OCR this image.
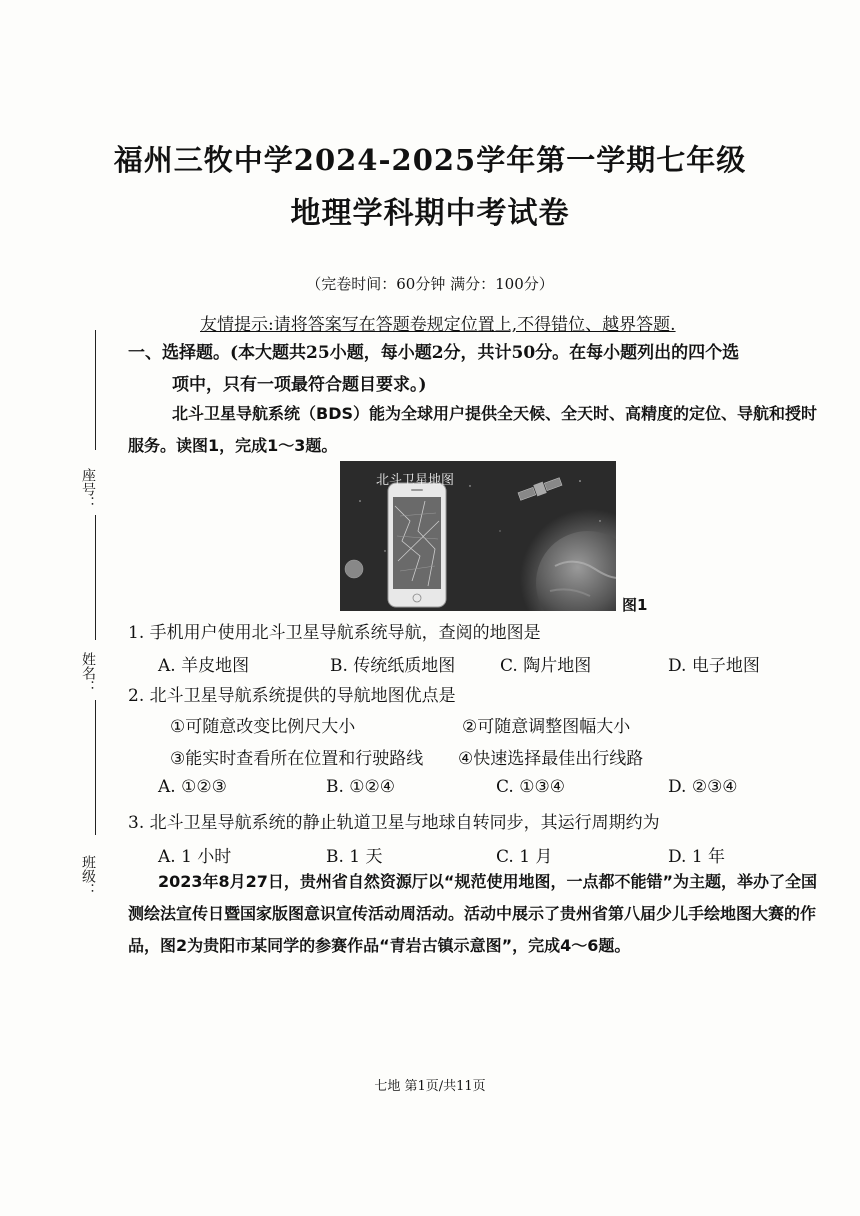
福州三牧中学2024-2025学年第一学期七年级
地理学科期中考试卷
（完卷时间：60分钟 满分：100分）
友情提示:请将答案写在答题卷规定位置上,不得错位、越界答题.
座号：
姓名：
班级：
一、选择题。(本大题共25小题，每小题2分，共计50分。在每小题列出的四个选
项中，只有一项最符合题目要求。)
北斗卫星导航系统（BDS）能为全球用户提供全天候、全天时、高精度的定位、导航和授时服务。读图1，完成1～3题。
北斗卫星地图
图1
1. 手机用户使用北斗卫星导航系统导航，查阅的地图是
A. 羊皮地图	B. 传统纸质地图	C. 陶片地图	D. 电子地图
2. 北斗卫星导航系统提供的导航地图优点是
①可随意改变比例尺大小	②可随意调整图幅大小
③能实时查看所在位置和行驶路线 ④快速选择最佳出行线路
A. ①②③	B. ①②④	C. ①③④	D. ②③④
3. 北斗卫星导航系统的静止轨道卫星与地球自转同步，其运行周期约为
A. 1 小时	B. 1 天	C. 1 月	D. 1 年
2023年8月27日，贵州省自然资源厅以“规范使用地图，一点都不能错”为主题，举办了全国测绘法宣传日暨国家版图意识宣传活动周活动。活动中展示了贵州省第八届少儿手绘地图大赛的作品，图2为贵阳市某同学的参赛作品“青岩古镇示意图”，完成4～6题。
七地 第1页/共11页
